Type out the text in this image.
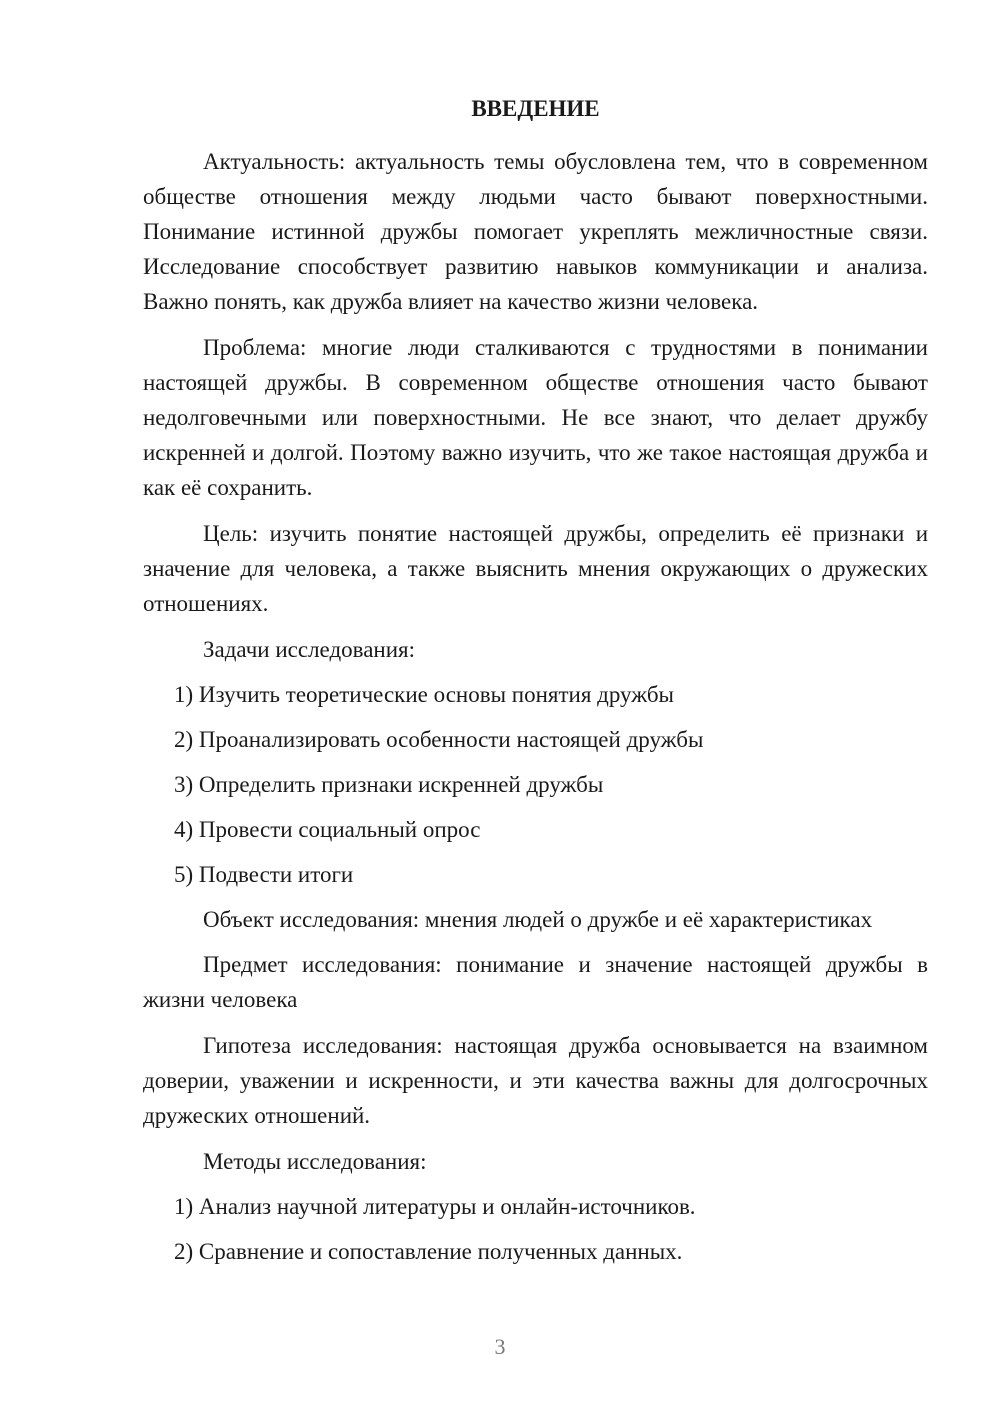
ВВЕДЕНИЕ

Актуальность: актуальность темы обусловлена тем, что в современном обществе отношения между людьми часто бывают поверхностными. Понимание истинной дружбы помогает укреплять межличностные связи. Исследование способствует развитию навыков коммуникации и анализа. Важно понять, как дружба влияет на качество жизни человека.

Проблема: многие люди сталкиваются с трудностями в понимании настоящей дружбы. В современном обществе отношения часто бывают недолговечными или поверхностными. Не все знают, что делает дружбу искренней и долгой. Поэтому важно изучить, что же такое настоящая дружба и как её сохранить.

Цель: изучить понятие настоящей дружбы, определить её признаки и значение для человека, а также выяснить мнения окружающих о дружеских отношениях.

Задачи исследования:
1) Изучить теоретические основы понятия дружбы
2) Проанализировать особенности настоящей дружбы
3) Определить признаки искренней дружбы
4) Провести социальный опрос
5) Подвести итоги
Объект исследования: мнения людей о дружбе и её характеристиках

Предмет исследования: понимание и значение настоящей дружбы в жизни человека

Гипотеза исследования: настоящая дружба основывается на взаимном доверии, уважении и искренности, и эти качества важны для долгосрочных дружеских отношений.

Методы исследования:
1) Анализ научной литературы и онлайн-источников.
2) Сравнение и сопоставление полученных данных.
3
